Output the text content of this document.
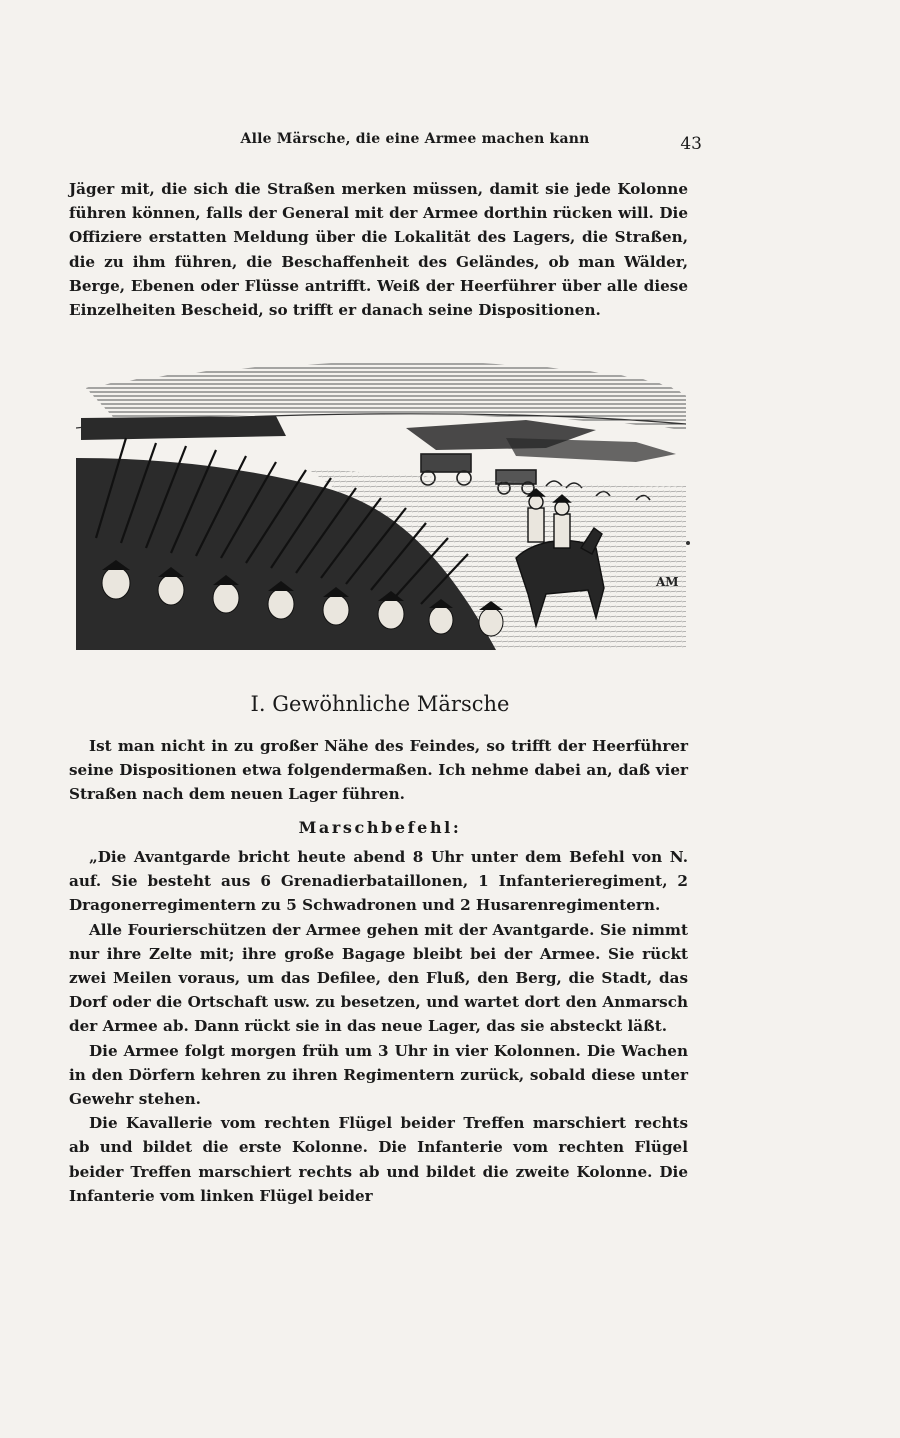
Alle Märsche, die eine Armee machen kann	43

Jäger mit, die sich die Straßen merken müssen, damit sie jede Kolonne führen können, falls der General mit der Armee dorthin rücken will. Die Offiziere erstatten Meldung über die Lokalität des Lagers, die Straßen, die zu ihm führen, die Beschaffenheit des Geländes, ob man Wälder, Berge, Ebenen oder Flüsse antrifft. Weiß der Heerführer über alle diese Einzelheiten Bescheid, so trifft er danach seine Dispositionen.

AM
I. Gewöhnliche Märsche

Ist man nicht in zu großer Nähe des Feindes, so trifft der Heerführer seine Dispositionen etwa folgendermaßen. Ich nehme dabei an, daß vier Straßen nach dem neuen Lager führen.

Marschbefehl:

„Die Avantgarde bricht heute abend 8 Uhr unter dem Befehl von N. auf. Sie besteht aus 6 Grenadierbataillonen, 1 Infanterieregiment, 2 Dragonerregimentern zu 5 Schwadronen und 2 Husarenregimentern.

Alle Fourierschützen der Armee gehen mit der Avantgarde. Sie nimmt nur ihre Zelte mit; ihre große Bagage bleibt bei der Armee. Sie rückt zwei Meilen voraus, um das Defilee, den Fluß, den Berg, die Stadt, das Dorf oder die Ortschaft usw. zu besetzen, und wartet dort den Anmarsch der Armee ab. Dann rückt sie in das neue Lager, das sie absteckt läßt.

Die Armee folgt morgen früh um 3 Uhr in vier Kolonnen. Die Wachen in den Dörfern kehren zu ihren Regimentern zurück, sobald diese unter Gewehr stehen.

Die Kavallerie vom rechten Flügel beider Treffen marschiert rechts ab und bildet die erste Kolonne. Die Infanterie vom rechten Flügel beider Treffen marschiert rechts ab und bildet die zweite Kolonne. Die Infanterie vom linken Flügel beider
